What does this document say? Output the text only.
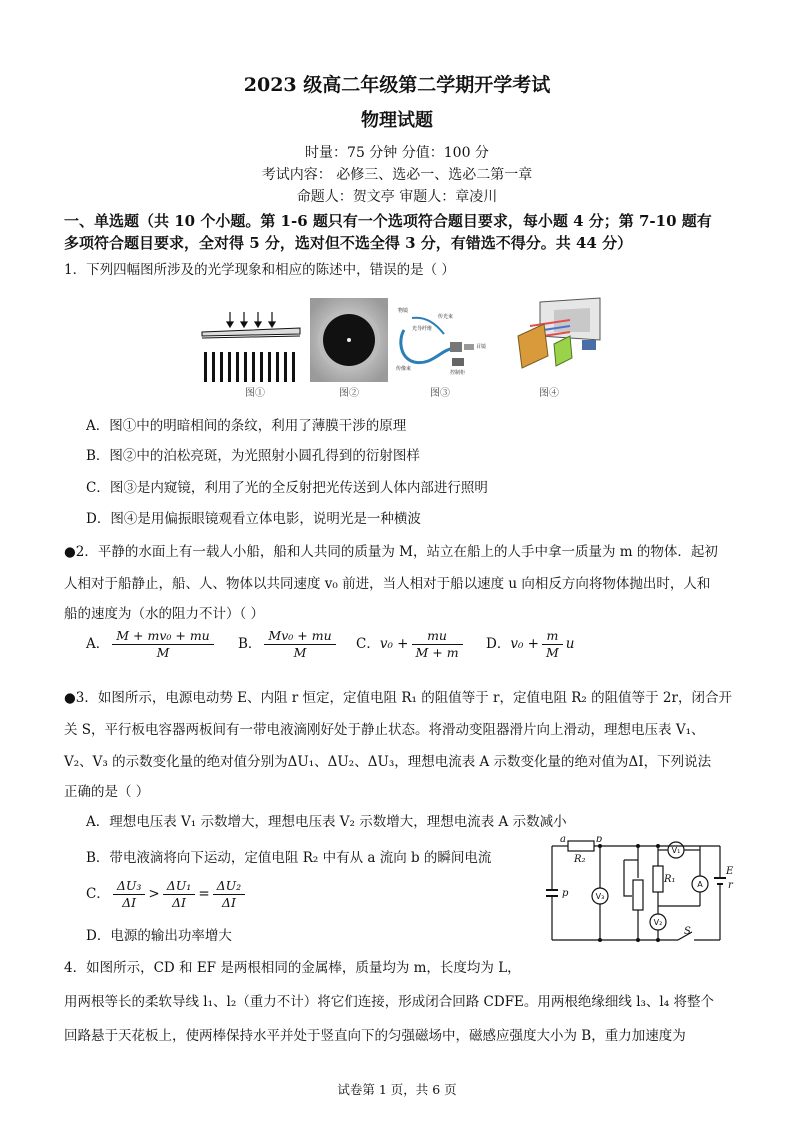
2023 级高二年级第二学期开学考试
物理试题
时量：75 分钟 分值：100 分
考试内容： 必修三、选必一、选必二第一章
命题人：贺文亭 审题人：章凌川
一、单选题（共 10 个小题。第 1-6 题只有一个选项符合题目要求，每小题 4 分；第 7-10 题有
多项符合题目要求，全对得 5 分，选对但不选全得 3 分，有错选不得分。共 44 分）
1．下列四幅图所涉及的光学现象和相应的陈述中，错误的是（ ）
图①	图②
物镜
光导纤维
传光束
传像束
目镜
控制柜
图③	图④
A．图①中的明暗相间的条纹，利用了薄膜干涉的原理
B．图②中的泊松亮斑，为光照射小圆孔得到的衍射图样
C．图③是内窥镜，利用了光的全反射把光传送到人体内部进行照明
D．图④是用偏振眼镜观看立体电影，说明光是一种横波
●2．平静的水面上有一载人小船，船和人共同的质量为 M，站立在船上的人手中拿一质量为 m 的物体．起初
人相对于船静止，船、人、物体以共同速度 v₀ 前进，当人相对于船以速度 u 向相反方向将物体抛出时，人和
船的速度为（水的阻力不计）（ ）
A． $\frac{\text{M + mv₀ + mu}}{M}$ B． $\frac{\text{Mv₀ + mu}}{M}$ C．$v_0 + \frac{mu}{M + m}$ D．$v_0 + \frac{m}{M}$ u
●3．如图所示，电源电动势 E、内阻 r 恒定，定值电阻 R₁ 的阻值等于 r，定值电阻 R₂ 的阻值等于 2r，闭合开
关 S，平行板电容器两板间有一带电液滴刚好处于静止状态。将滑动变阻器滑片向上滑动，理想电压表 V₁、
V₂、V₃ 的示数变化量的绝对值分别为ΔU₁、ΔU₂、ΔU₃，理想电流表 A 示数变化量的绝对值为ΔI，下列说法
正确的是（ ）
A．理想电压表 V₁ 示数增大，理想电压表 V₂ 示数增大，理想电流表 A 示数减小
B．带电液滴将向下运动，定值电阻 R₂ 中有从 a 流向 b 的瞬间电流
C． $\frac{\text{ΔU₃}}{\Delta I} > \frac{\text{ΔU₁}}{\Delta I} = \frac{\text{ΔU₂}}{\Delta I}$
D．电源的输出功率增大
a	b
R₂
R₁
p
E
r
S
V₃
V₂
V₁
A
4．如图所示，CD 和 EF 是两根相同的金属棒，质量均为 m，长度均为 L，
用两根等长的柔软导线 l₁、l₂（重力不计）将它们连接，形成闭合回路 CDFE。用两根绝缘细线 l₃、l₄ 将整个
回路悬于天花板上，使两棒保持水平并处于竖直向下的匀强磁场中，磁感应强度大小为 B，重力加速度为
试卷第 1 页，共 6 页
